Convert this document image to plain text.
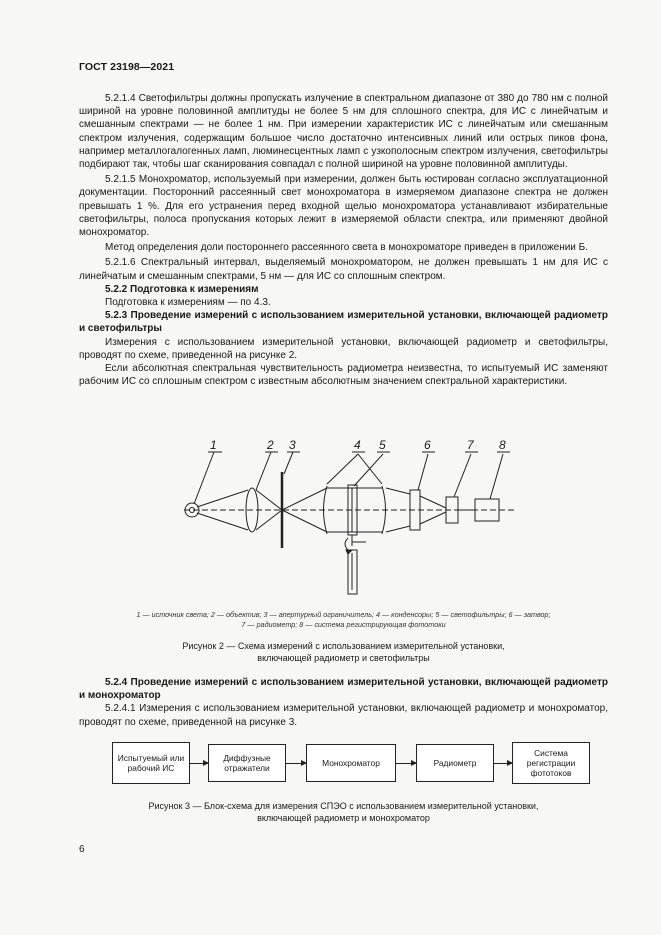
ГОСТ 23198—2021

5.2.1.4 Светофильтры должны пропускать излучение в спектральном диапазоне от 380 до 780 нм с полной шириной на уровне половинной амплитуды не более 5 нм для сплошного спектра, для ИС с линейчатым и смешанным спектрами — не более 1 нм. При измерении характеристик ИС с линейчатым или смешанным спектром излучения, содержащим большое число достаточно интенсивных линий или острых пиков фона, например металлогалогенных ламп, люминесцентных ламп с узкополосным спектром излучения, светофильтры подбирают так, чтобы шаг сканирования совпадал с полной шириной на уровне половинной амплитуды.

5.2.1.5 Монохроматор, используемый при измерении, должен быть юстирован согласно эксплуатационной документации. Посторонний рассеянный свет монохроматора в измеряемом диапазоне спектра не должен превышать 1 %. Для его устранения перед входной щелью монохроматора устанавливают избирательные светофильтры, полоса пропускания которых лежит в измеряемой области спектра, или применяют двойной монохроматор.

Метод определения доли постороннего рассеянного света в монохроматоре приведен в приложении Б.

5.2.1.6 Спектральный интервал, выделяемый монохроматором, не должен превышать 1 нм для ИС с линейчатым и смешанным спектрами, 5 нм — для ИС со сплошным спектром.

5.2.2 Подготовка к измерениям

Подготовка к измерениям — по 4.3.

5.2.3 Проведение измерений с использованием измерительной установки, включающей радиометр и светофильтры

Измерения с использованием измерительной установки, включающей радиометр и светофильтры, проводят по схеме, приведенной на рисунке 2.

Если абсолютная спектральная чувствительность радиометра неизвестна, то испытуемый ИС заменяют рабочим ИС со сплошным спектром с известным абсолютным значением спектральной характеристики.

1	2 3	4 5	6	7 8
1 — источник света; 2 — объектив; 3 — апертурный ограничитель; 4 — конденсоры; 5 — светофильтры; 6 — затвор;
7 — радиометр; 8 — система регистрирующая фототоки
Рисунок 2 — Схема измерений с использованием измерительной установки,
включающей радиометр и светофильтры

5.2.4 Проведение измерений с использованием измерительной установки, включающей радиометр и монохроматор

5.2.4.1 Измерения с использованием измерительной установки, включающей радиометр и монохроматор, проводят по схеме, приведенной на рисунке 3.

Испытуемый или рабочий ИС
Диффузные отражатели	Монохроматор	Радиометр
Система регистрации фототоков
Рисунок 3 — Блок-схема для измерения СПЭО с использованием измерительной установки,
включающей радиометр и монохроматор
6
